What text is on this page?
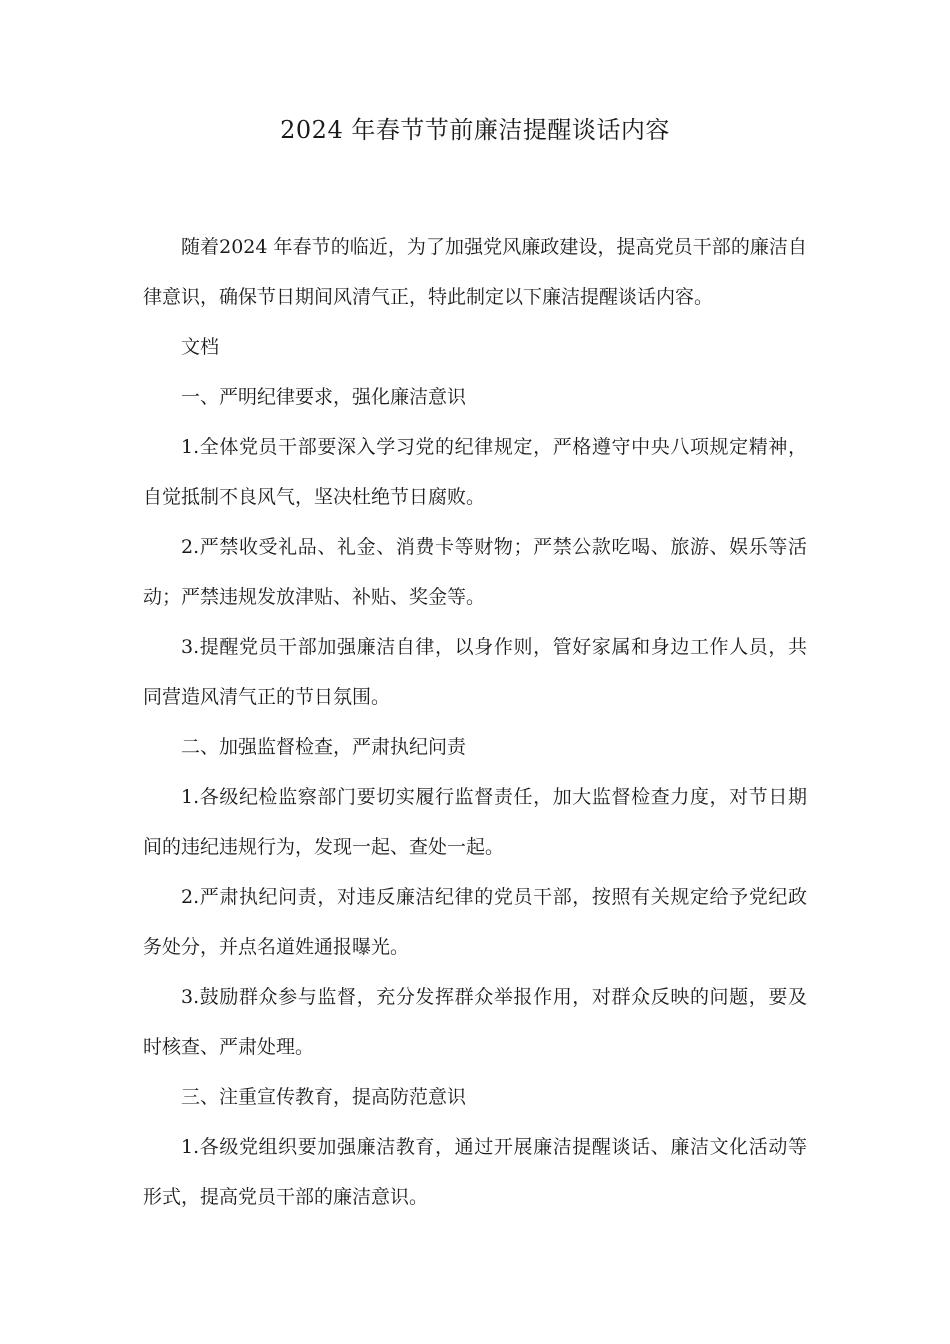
2024 年春节节前廉洁提醒谈话内容

随着2024 年春节的临近，为了加强党风廉政建设，提高党员干部的廉洁自律意识，确保节日期间风清气正，特此制定以下廉洁提醒谈话内容。

文档

一、严明纪律要求，强化廉洁意识

1.全体党员干部要深入学习党的纪律规定，严格遵守中央八项规定精神，自觉抵制不良风气，坚决杜绝节日腐败。

2.严禁收受礼品、礼金、消费卡等财物；严禁公款吃喝、旅游、娱乐等活动；严禁违规发放津贴、补贴、奖金等。

3.提醒党员干部加强廉洁自律，以身作则，管好家属和身边工作人员，共同营造风清气正的节日氛围。

二、加强监督检查，严肃执纪问责

1.各级纪检监察部门要切实履行监督责任，加大监督检查力度，对节日期间的违纪违规行为，发现一起、查处一起。

2.严肃执纪问责，对违反廉洁纪律的党员干部，按照有关规定给予党纪政务处分，并点名道姓通报曝光。

3.鼓励群众参与监督，充分发挥群众举报作用，对群众反映的问题，要及时核查、严肃处理。

三、注重宣传教育，提高防范意识

1.各级党组织要加强廉洁教育，通过开展廉洁提醒谈话、廉洁文化活动等形式，提高党员干部的廉洁意识。
